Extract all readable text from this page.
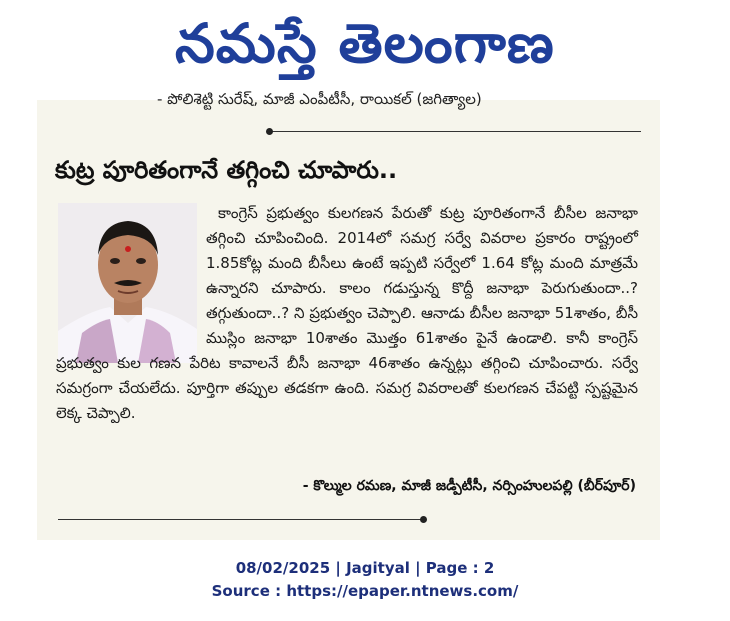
నమస్తే తెలంగాణ
- పోలిశెట్టి సురేష్‌, మాజీ ఎంపీటీసీ, రాయికల్‌ (జగిత్యాల)
కుట్ర పూరితంగానే తగ్గించి చూపారు..
కాంగ్రెస్‌ ప్రభుత్వం కులగణన పేరుతో కుట్ర పూరితంగానే బీసీల జనాభా తగ్గించి చూపించింది. 2014లో సమగ్ర సర్వే వివరాల ప్రకారం రాష్ట్రంలో 1.85కోట్ల మంది బీసీలు ఉంటే ఇప్పటి సర్వేలో 1.64 కోట్ల మంది మాత్రమే ఉన్నారని చూపారు. కాలం గడుస్తున్న కొద్దీ జనాభా పెరుగుతుందా..? తగ్గుతుందా..? ని ప్రభుత్వం చెప్పాలి. ఆనాడు బీసీల జనాభా 51శాతం, బీసీ ముస్లిం జనాభా 10శాతం మొత్తం 61శాతం పైనే ఉండాలి. కానీ కాంగ్రెస్‌ ప్రభుత్వం కుల గణన పేరిట కావాలనే బీసీ జనాభా 46శాతం ఉన్నట్లు తగ్గించి చూపించారు. సర్వే సమగ్రంగా చేయలేదు. పూర్తిగా తప్పుల తడకగా ఉంది. సమగ్ర వివరాలతో కులగణన చేపట్టి స్పష్టమైన లెక్క చెప్పాలి.
- కొల్ముల రమణ, మాజీ జడ్పీటీసీ, నర్సింహులపల్లి (బీర్‌పూర్‌)
08/02/2025 | Jagityal | Page : 2
Source : https://epaper.ntnews.com/
